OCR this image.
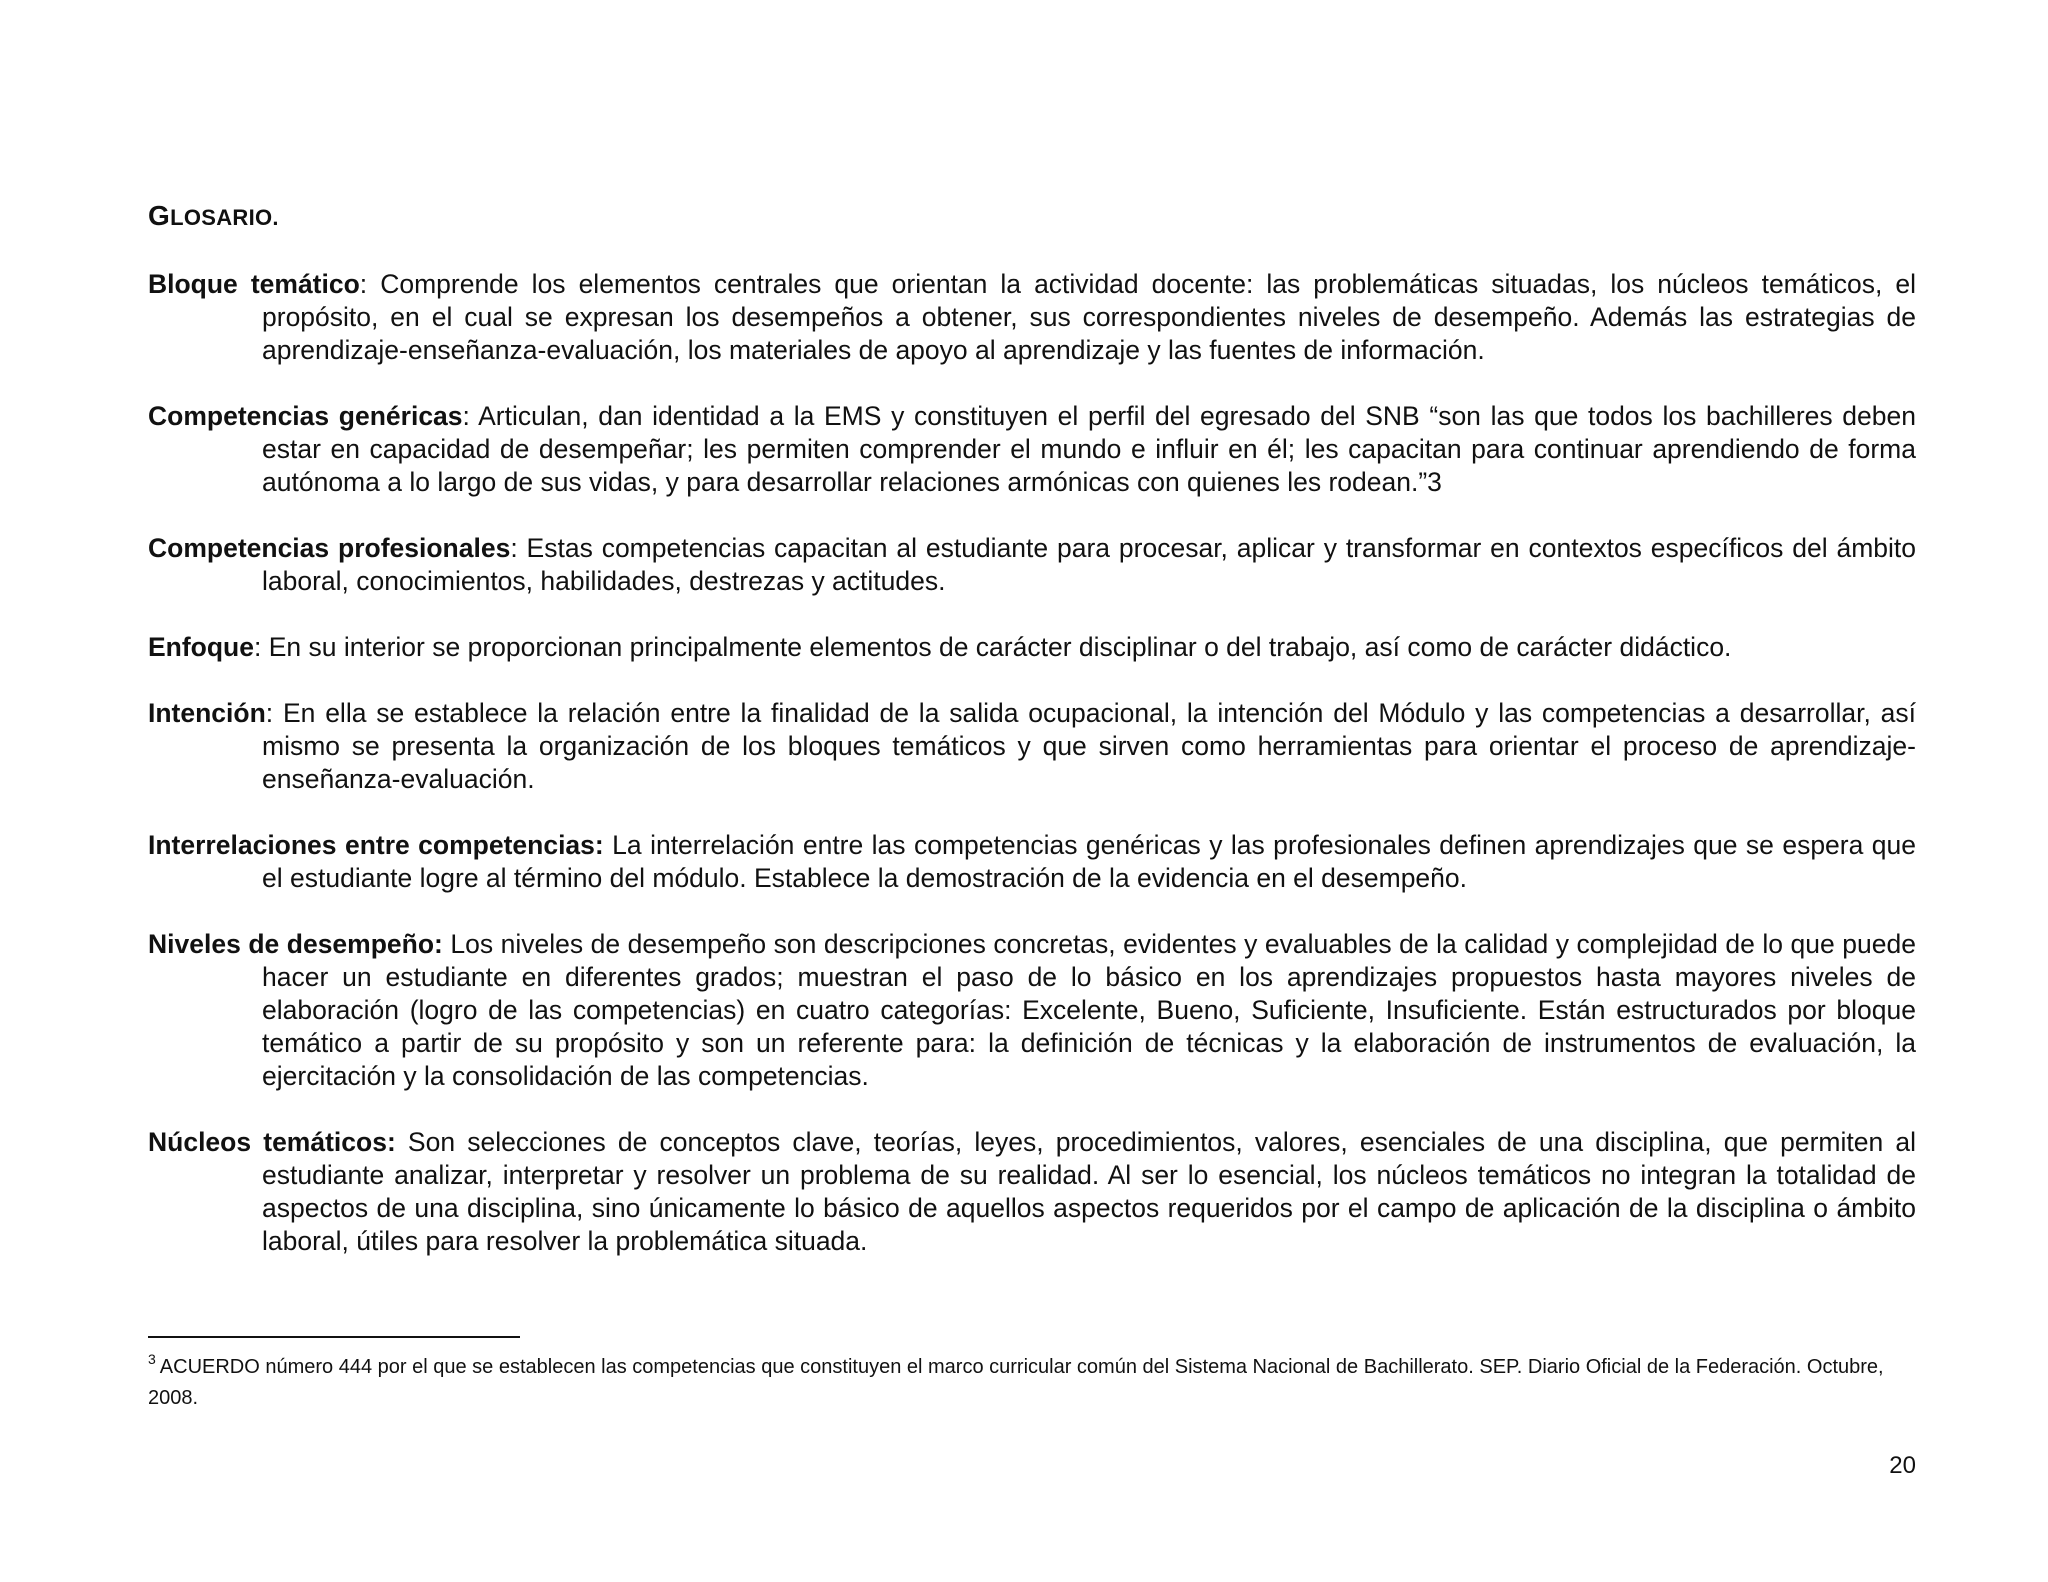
GLOSARIO.
Bloque temático: Comprende los elementos centrales que orientan la actividad docente: las problemáticas situadas, los núcleos temáticos, el propósito, en el cual se expresan los desempeños a obtener, sus correspondientes niveles de desempeño. Además las estrategias de aprendizaje-enseñanza-evaluación, los materiales de apoyo al aprendizaje y las fuentes de información.
Competencias genéricas: Articulan, dan identidad a la EMS y constituyen el perfil del egresado del SNB “son las que todos los bachilleres deben estar en capacidad de desempeñar; les permiten comprender el mundo e influir en él; les capacitan para continuar aprendiendo de forma autónoma a lo largo de sus vidas, y para desarrollar relaciones armónicas con quienes les rodean.”3
Competencias profesionales: Estas competencias capacitan al estudiante para procesar, aplicar y transformar en contextos específicos del ámbito laboral, conocimientos, habilidades, destrezas y actitudes.
Enfoque: En su interior se proporcionan principalmente elementos de carácter disciplinar o del trabajo, así como de carácter didáctico.
Intención: En ella se establece la relación entre la finalidad de la salida ocupacional, la intención del Módulo y las competencias a desarrollar, así mismo se presenta la organización de los bloques temáticos y que sirven como herramientas para orientar el proceso de aprendizaje-enseñanza-evaluación.
Interrelaciones entre competencias: La interrelación entre las competencias genéricas y las profesionales definen aprendizajes que se espera que el estudiante logre al término del módulo. Establece la demostración de la evidencia en el desempeño.
Niveles de desempeño: Los niveles de desempeño son descripciones concretas, evidentes y evaluables de la calidad y complejidad de lo que puede hacer un estudiante en diferentes grados; muestran el paso de lo básico en los aprendizajes propuestos hasta mayores niveles de elaboración (logro de las competencias) en cuatro categorías: Excelente, Bueno, Suficiente, Insuficiente. Están estructurados por bloque temático a partir de su propósito y son un referente para: la definición de técnicas y la elaboración de instrumentos de evaluación, la ejercitación y la consolidación de las competencias.
Núcleos temáticos: Son selecciones de conceptos clave, teorías, leyes, procedimientos, valores, esenciales de una disciplina, que permiten al estudiante analizar, interpretar y resolver un problema de su realidad. Al ser lo esencial, los núcleos temáticos no integran la totalidad de aspectos de una disciplina, sino únicamente lo básico de aquellos aspectos requeridos por el campo de aplicación de la disciplina o ámbito laboral, útiles para resolver la problemática situada.
$^3$ ACUERDO número 444 por el que se establecen las competencias que constituyen el marco curricular común del Sistema Nacional de Bachillerato. SEP. Diario Oficial de la Federación. Octubre, 2008.
20
